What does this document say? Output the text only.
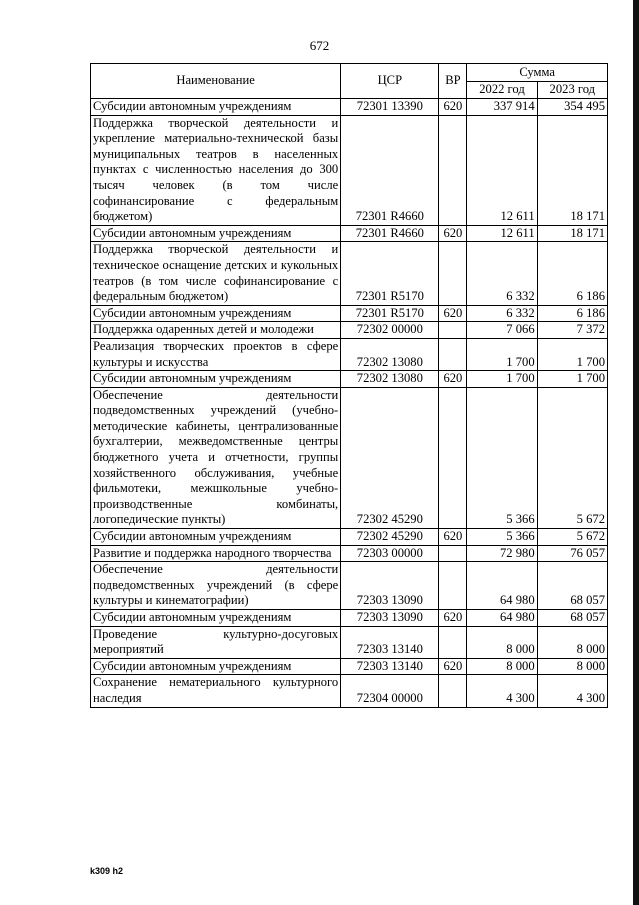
672
Наименование	ЦСР	ВР	Сумма	
			2022 год	2023 год
Субсидии автономным учреждениям	72301 13390	620	337 914	354 495
Поддержка творческой деятельности и укрепление материально-технической базы муниципальных театров в населенных пунктах с численностью населения до 300 тысяч человек (в том числе софинансирование с федеральным бюджетом)	72301 R4660		12 611	18 171
Субсидии автономным учреждениям	72301 R4660	620	12 611	18 171
Поддержка творческой деятельности и техническое оснащение детских и кукольных театров (в том числе софинансирование с федеральным бюджетом)	72301 R5170		6 332	6 186
Субсидии автономным учреждениям	72301 R5170	620	6 332	6 186
Поддержка одаренных детей и молодежи	72302 00000		7 066	7 372
Реализация творческих проектов в сфере культуры и искусства	72302 13080		1 700	1 700
Субсидии автономным учреждениям	72302 13080	620	1 700	1 700
Обеспечение деятельности подведомственных учреждений (учебно-методические кабинеты, централизованные бухгалтерии, межведомственные центры бюджетного учета и отчетности, группы хозяйственного обслуживания, учебные фильмотеки, межшкольные учебно-производственные комбинаты, логопедические пункты)	72302 45290		5 366	5 672
Субсидии автономным учреждениям	72302 45290	620	5 366	5 672
Развитие и поддержка народного творчества	72303 00000		72 980	76 057
Обеспечение деятельности подведомственных учреждений (в сфере культуры и кинематографии)	72303 13090		64 980	68 057
Субсидии автономным учреждениям	72303 13090	620	64 980	68 057
Проведение культурно-досуговых мероприятий	72303 13140		8 000	8 000
Субсидии автономным учреждениям	72303 13140	620	8 000	8 000
Сохранение нематериального культурного наследия	72304 00000		4 300	4 300
k309 h2
